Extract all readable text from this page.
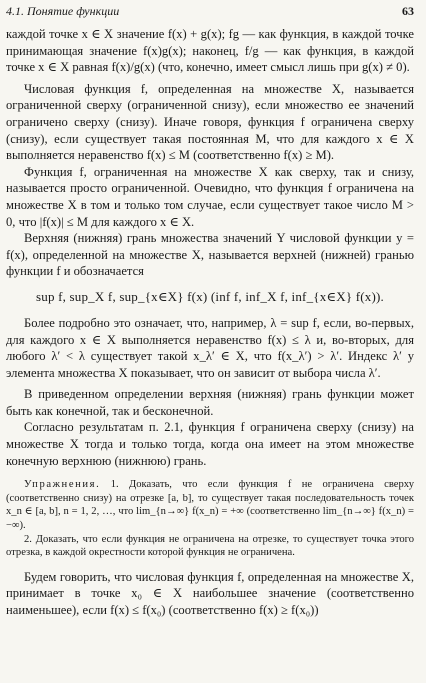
4.1. Понятие функции	63

каждой точке x ∈ X значение f(x) + g(x); fg — как функция, в каждой точке принимающая значение f(x)g(x); наконец, f/g — как функция, в каждой точке x ∈ X равная f(x)/g(x) (что, конечно, имеет смысл лишь при g(x) ≠ 0).

Числовая функция f, определенная на множестве X, называется ограниченной сверху (ограниченной снизу), если множество ее значений ограничено сверху (снизу). Иначе говоря, функция f ограничена сверху (снизу), если существует такая постоянная M, что для каждого x ∈ X выполняется неравенство f(x) ≤ M (соответственно f(x) ≥ M).

Функция f, ограниченная на множестве X как сверху, так и снизу, называется просто ограниченной. Очевидно, что функция f ограничена на множестве X в том и только том случае, если существует такое число M > 0, что |f(x)| ≤ M для каждого x ∈ X.

Верхняя (нижняя) грань множества значений Y числовой функции y = f(x), определенной на множестве X, называется верхней (нижней) гранью функции f и обозначается

sup f, sup_X f, sup_{x∈X} f(x) (inf f, inf_X f, inf_{x∈X} f(x)).

Более подробно это означает, что, например, λ = sup f, если, во-первых, для каждого x ∈ X выполняется неравенство f(x) ≤ λ и, во-вторых, для любого λ′ < λ существует такой x_λ′ ∈ X, что f(x_λ′) > λ′. Индекс λ′ у элемента множества X показывает, что он зависит от выбора числа λ′.

В приведенном определении верхняя (нижняя) грань функции может быть как конечной, так и бесконечной.

Согласно результатам п. 2.1, функция f ограничена сверху (снизу) на множестве X тогда и только тогда, когда она имеет на этом множестве конечную верхнюю (нижнюю) грань.

Упражнения. 1. Доказать, что если функция f не ограничена сверху (соответственно снизу) на отрезке [a, b], то существует такая последовательность точек x_n ∈ [a, b], n = 1, 2, …, что lim_{n→∞} f(x_n) = +∞ (соответственно lim_{n→∞} f(x_n) = −∞).

2. Доказать, что если функция не ограничена на отрезке, то существует точка этого отрезка, в каждой окрестности которой функция не ограничена.

Будем говорить, что числовая функция f, определенная на множестве X, принимает в точке x₀ ∈ X наибольшее значение (соответственно наименьшее), если f(x) ≤ f(x₀) (соответственно f(x) ≥ f(x₀))
